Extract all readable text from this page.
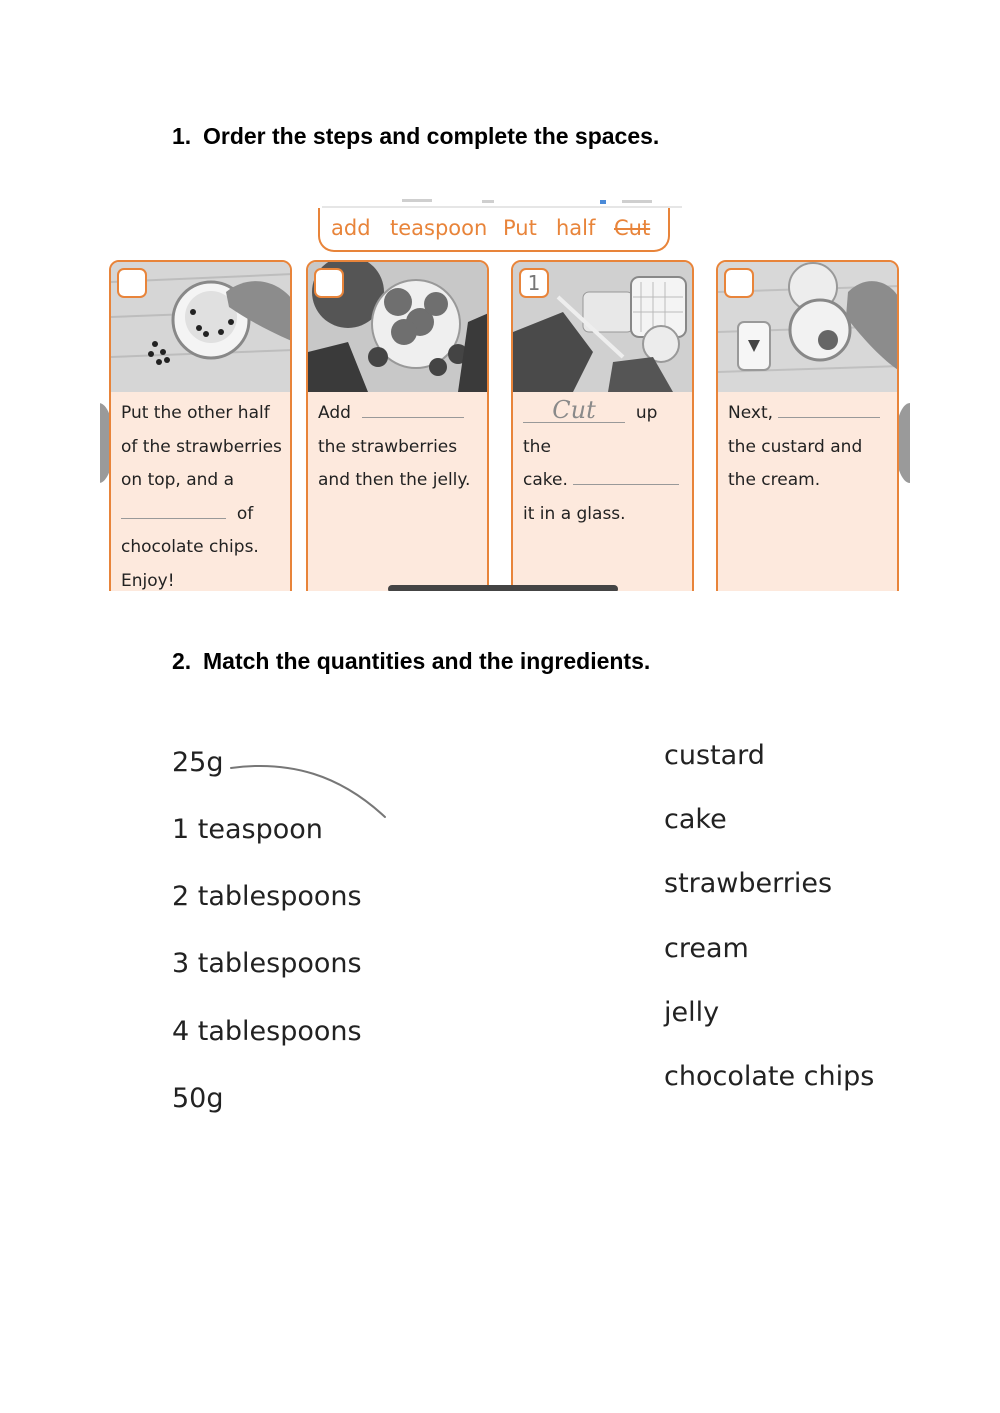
1. Order the steps and complete the spaces.
add teaspoon Put half Cut
Put the other half
of the strawberries
on top, and a
of
chocolate chips.
Enjoy!
Add
the strawberries
and then the jelly.
1
Cut up the
cake.
it in a glass.
Next,
the custard and
the cream.
2. Match the quantities and the ingredients.
25g
1 teaspoon
2 tablespoons
3 tablespoons
4 tablespoons
50g
custard
cake
strawberries
cream
jelly
chocolate chips
